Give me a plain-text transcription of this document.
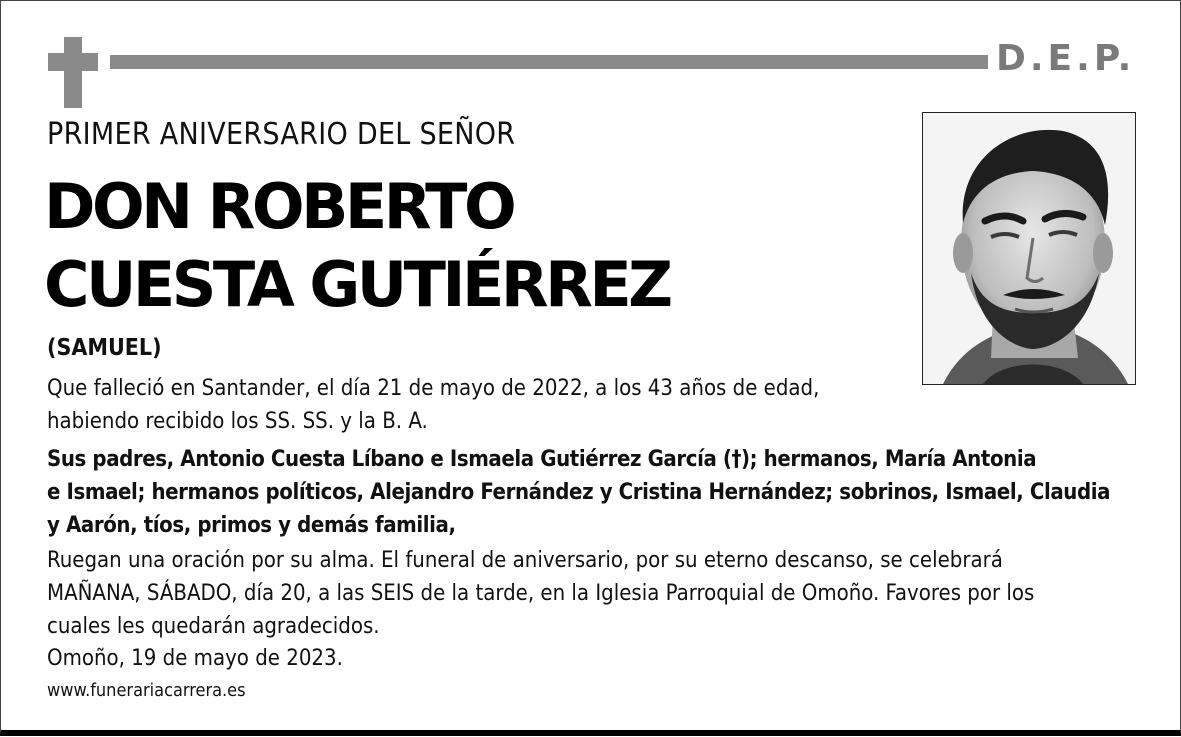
D.E.P.
PRIMER ANIVERSARIO DEL SEÑOR
DON ROBERTO
CUESTA GUTIÉRREZ
(SAMUEL)
Que falleció en Santander, el día 21 de mayo de 2022, a los 43 años de edad,
habiendo recibido los SS. SS. y la B. A.
Sus padres, Antonio Cuesta Líbano e Ismaela Gutiérrez García (†); hermanos, María Antonia
e Ismael; hermanos políticos, Alejandro Fernández y Cristina Hernández; sobrinos, Ismael, Claudia
y Aarón, tíos, primos y demás familia,
Ruegan una oración por su alma. El funeral de aniversario, por su eterno descanso, se celebrará
MAÑANA, SÁBADO, día 20, a las SEIS de la tarde, en la Iglesia Parroquial de Omoño. Favores por los
cuales les quedarán agradecidos.
Omoño, 19 de mayo de 2023.
www.funerariacarrera.es
